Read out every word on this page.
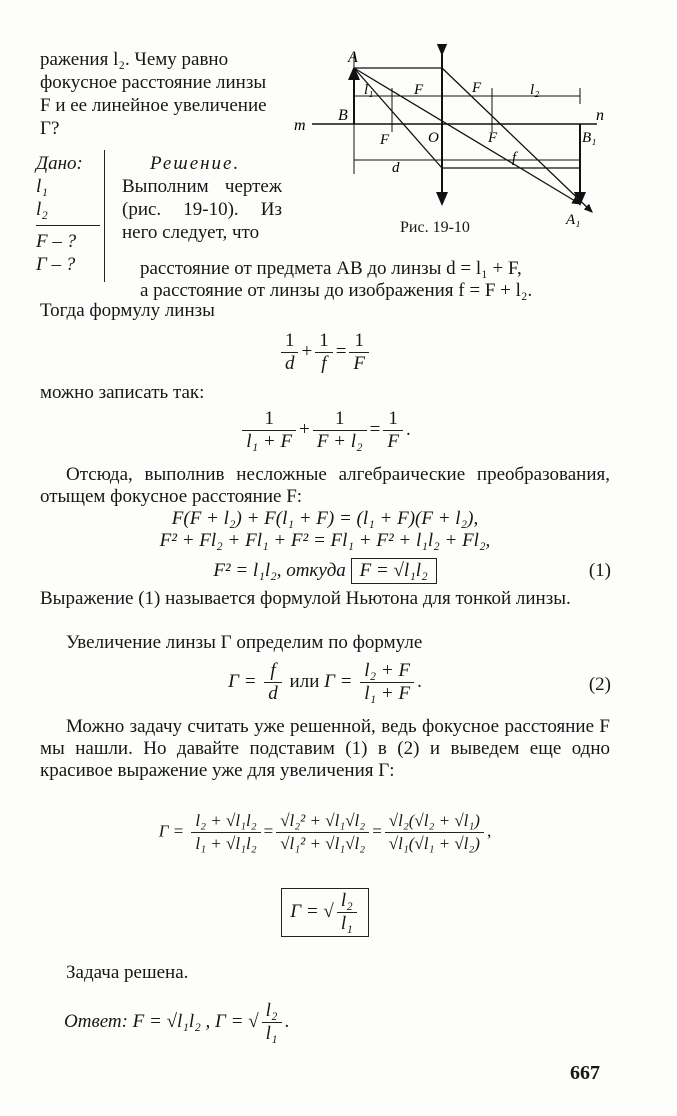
ражения l₂. Чему равно фокусное расстояние линзы F и ее линейное увеличение Г?
A
B
m
n
l₁	F	F	l₂
F	O	F
d
f
B₁
A₁
Рис. 19-10
Дано:
l₁
l₂
F – ?
Г – ?
Решение.
Выполним чертеж (рис. 19-10). Из него следует, что
расстояние от предмета AB до линзы d = l₁ + F,
а расстояние от линзы до изображения f = F + l₂.
Тогда формулу линзы
$\frac{1}{d} + \frac{1}{f} = \frac{1}{F}$
можно записать так:
$\frac{1}{\text{l₁ + F}} + \frac{1}{\text{F + l₂}} = \frac{1}{F}$ .
Отсюда, выполнив несложные алгебраические преобразования, отыщем фокусное расстояние F:
F(F + l₂) + F(l₁ + F) = (l₁ + F)(F + l₂),
F² + Fl₂ + Fl₁ + F² = Fl₁ + F² + l₁l₂ + Fl₂,
F² = l₁l₂, откуда F = √l₁l₂	(1)
Выражение (1) называется формулой Ньютона для тонкой линзы.
Увеличение линзы Г определим по формуле
$Г = \frac{f}{d}$ или $Г = \frac{\text{l₂ + F}}{\text{l₁ + F}}$ .	(2)
Можно задачу считать уже решенной, ведь фокусное расстояние F мы нашли. Но давайте подставим (1) в (2) и выведем еще одно красивое выражение уже для увеличения Г:
$Г = \frac{\text{l₂ + √l₁l₂}}{\text{l₁ + √l₁l₂}} = \frac{\text{√l₂² + √l₁√l₂}}{\text{√l₁² + √l₁√l₂}} = \frac{\text{√l₂(√l₂ + √l₁)}}{\text{√l₁(√l₁ + √l₂)}}$ ,
Г = √ $\frac{\text{l₂}}{\text{l₁}}$
Задача решена.
Ответ: F = √l₁l₂ , Г = √ $\frac{\text{l₂}}{\text{l₁}}$ .
667
